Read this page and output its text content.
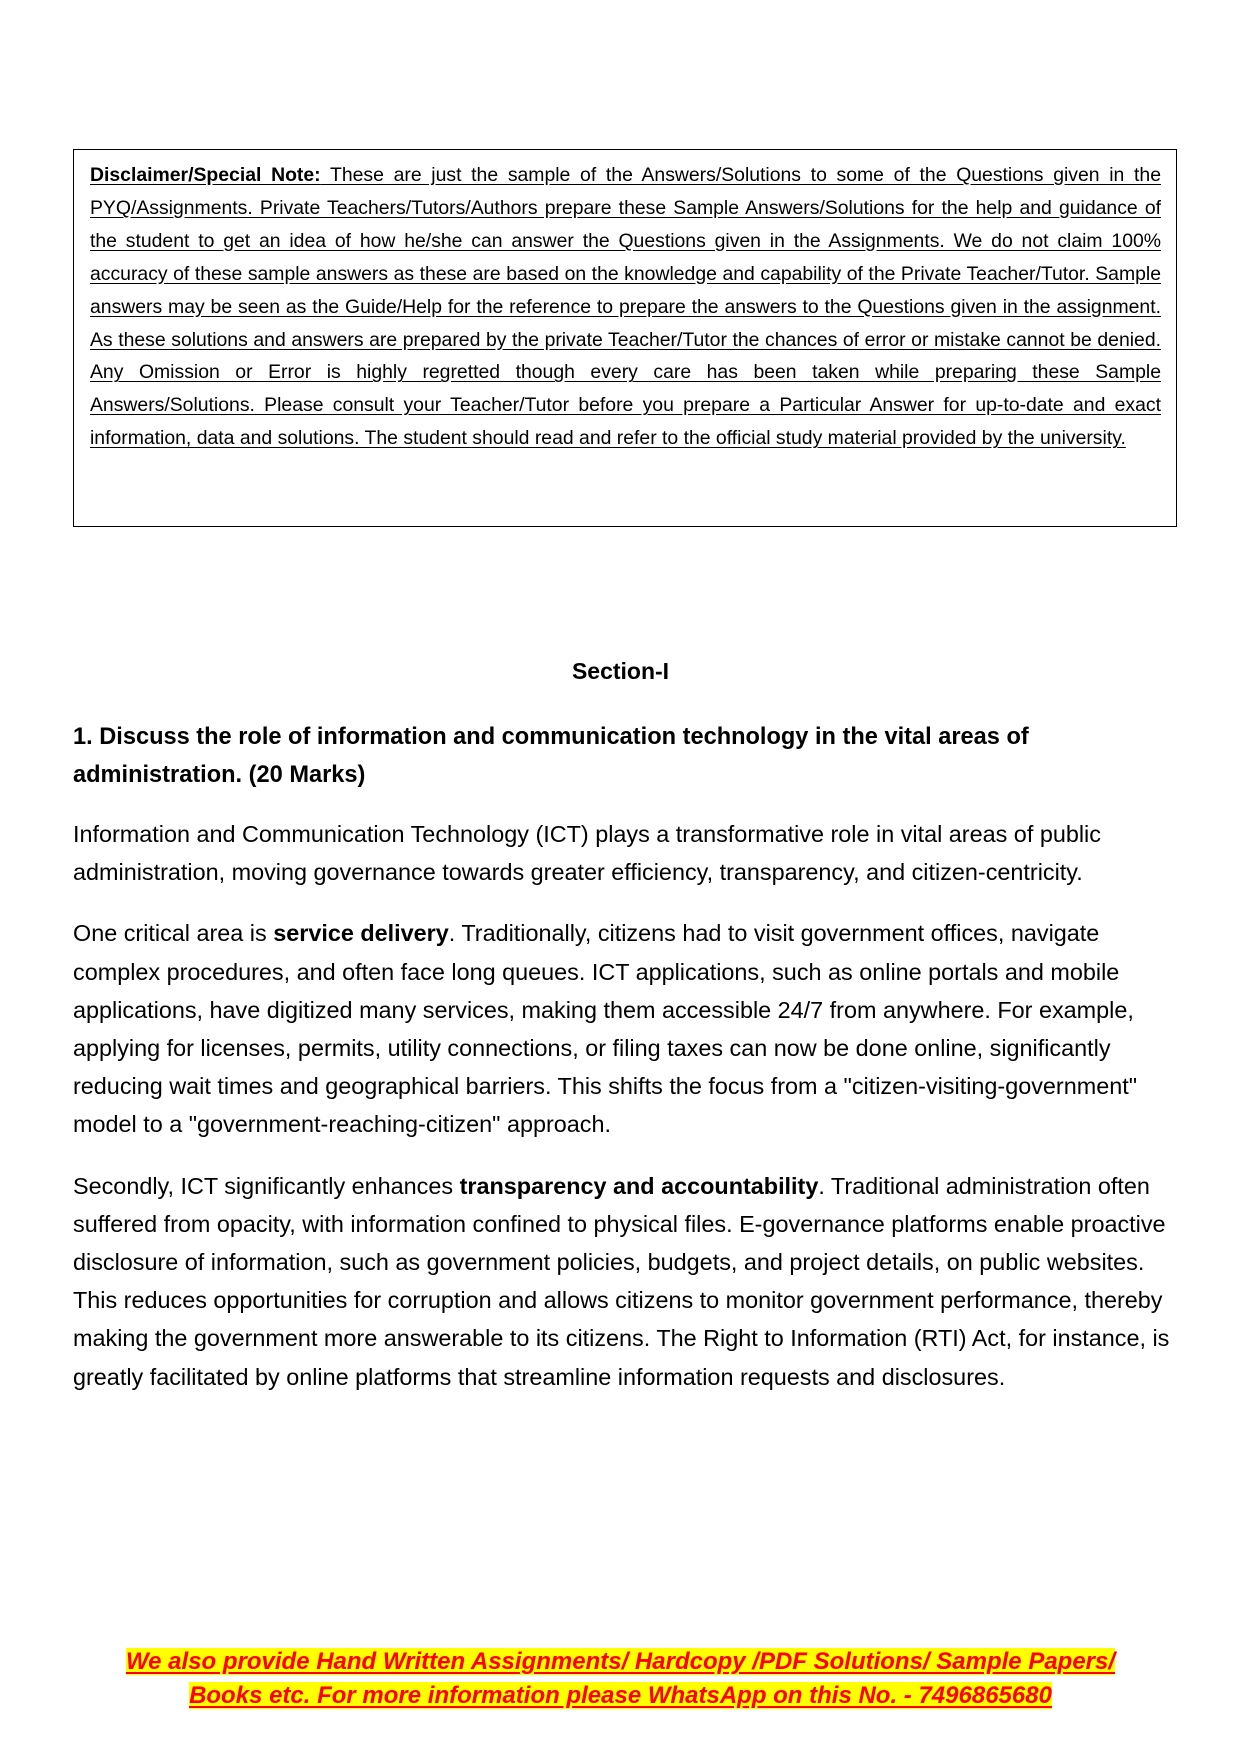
Disclaimer/Special Note: These are just the sample of the Answers/Solutions to some of the Questions given in the PYQ/Assignments. Private Teachers/Tutors/Authors prepare these Sample Answers/Solutions for the help and guidance of the student to get an idea of how he/she can answer the Questions given in the Assignments. We do not claim 100% accuracy of these sample answers as these are based on the knowledge and capability of the Private Teacher/Tutor. Sample answers may be seen as the Guide/Help for the reference to prepare the answers to the Questions given in the assignment. As these solutions and answers are prepared by the private Teacher/Tutor the chances of error or mistake cannot be denied. Any Omission or Error is highly regretted though every care has been taken while preparing these Sample Answers/Solutions. Please consult your Teacher/Tutor before you prepare a Particular Answer for up-to-date and exact information, data and solutions. The student should read and refer to the official study material provided by the university.

Section-I

1. Discuss the role of information and communication technology in the vital areas of administration. (20 Marks)

Information and Communication Technology (ICT) plays a transformative role in vital areas of public administration, moving governance towards greater efficiency, transparency, and citizen-centricity.

One critical area is service delivery. Traditionally, citizens had to visit government offices, navigate complex procedures, and often face long queues. ICT applications, such as online portals and mobile applications, have digitized many services, making them accessible 24/7 from anywhere. For example, applying for licenses, permits, utility connections, or filing taxes can now be done online, significantly reducing wait times and geographical barriers. This shifts the focus from a "citizen-visiting-government" model to a "government-reaching-citizen" approach.

Secondly, ICT significantly enhances transparency and accountability. Traditional administration often suffered from opacity, with information confined to physical files. E-governance platforms enable proactive disclosure of information, such as government policies, budgets, and project details, on public websites. This reduces opportunities for corruption and allows citizens to monitor government performance, thereby making the government more answerable to its citizens. The Right to Information (RTI) Act, for instance, is greatly facilitated by online platforms that streamline information requests and disclosures.

We also provide Hand Written Assignments/ Hardcopy /PDF Solutions/ Sample Papers/
Books etc. For more information please WhatsApp on this No. - 7496865680
